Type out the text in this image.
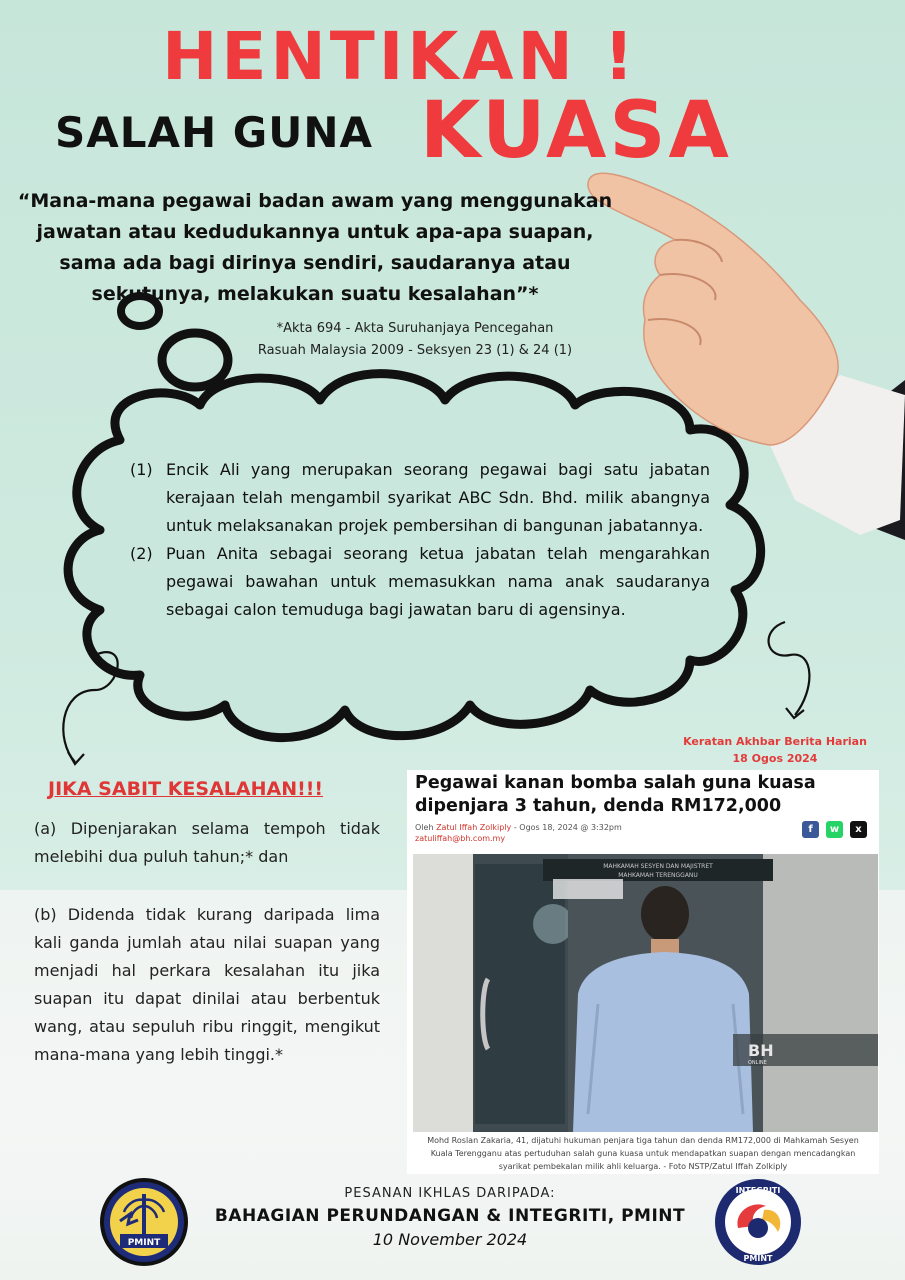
HENTIKAN !
SALAH GUNA KUASA
“Mana-mana pegawai badan awam yang menggunakan jawatan atau kedudukannya untuk apa-apa suapan, sama ada bagi dirinya sendiri, saudaranya atau sekutunya, melakukan suatu kesalahan”*
*Akta 694 - Akta Suruhanjaya Pencegahan
Rasuah Malaysia 2009 - Seksyen 23 (1) & 24 (1)
(1) Encik Ali yang merupakan seorang pegawai bagi satu jabatan kerajaan telah mengambil syarikat ABC Sdn. Bhd. milik abangnya untuk melaksanakan projek pembersihan di bangunan jabatannya.
(2) Puan Anita sebagai seorang ketua jabatan telah mengarahkan pegawai bawahan untuk memasukkan nama anak saudaranya sebagai calon temuduga bagi jawatan baru di agensinya.
Keratan Akhbar Berita Harian
18 Ogos 2024
JIKA SABIT KESALAHAN!!!
(a) Dipenjarakan selama tempoh tidak melebihi dua puluh tahun;* dan
(b) Didenda tidak kurang daripada lima kali ganda jumlah atau nilai suapan yang menjadi hal perkara kesalahan itu jika suapan itu dapat dinilai atau berbentuk wang, atau sepuluh ribu ringgit, mengikut mana-mana yang lebih tinggi.*
Pegawai kanan bomba salah guna kuasa dipenjara 3 tahun, denda RM172,000
Oleh Zatul Iffah Zolkiply - Ogos 18, 2024 @ 3:32pm
zatuliffah@bh.com.my
f	w	x
MAHKAMAH SESYEN DAN MAJISTRET
MAHKAMAH TERENGGANU
BH
ONLINE
Mohd Roslan Zakaria, 41, dijatuhi hukuman penjara tiga tahun dan denda RM172,000 di Mahkamah Sesyen Kuala Terengganu atas pertuduhan salah guna kuasa untuk mendapatkan suapan dengan mencadangkan syarikat pembekalan milik ahli keluarga. - Foto NSTP/Zatul Iffah Zolkiply
PMINT
PESANAN IKHLAS DARIPADA:
BAHAGIAN PERUNDANGAN & INTEGRITI, PMINT
10 November 2024
INTEGRITI
PMINT
